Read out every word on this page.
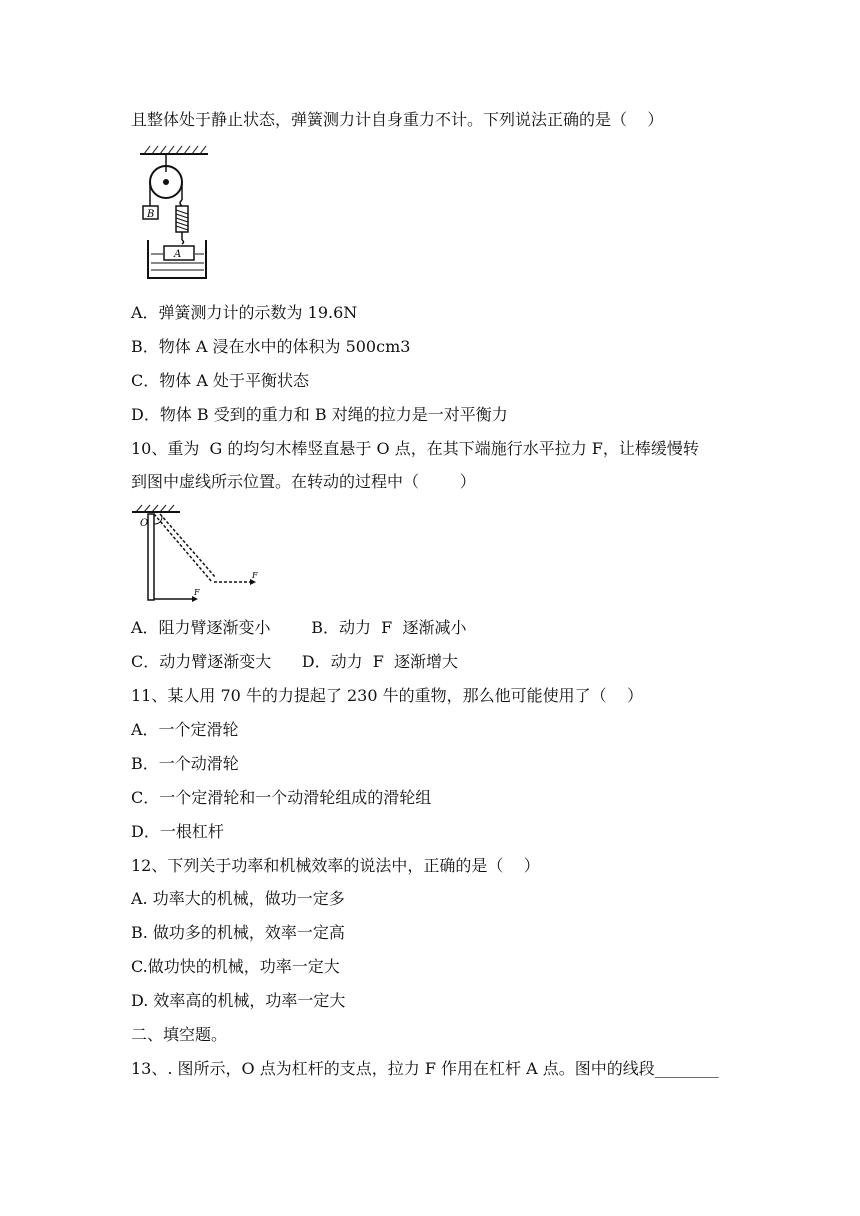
且整体处于静止状态，弹簧测力计自身重力不计。下列说法正确的是（    ）

B
A

A．弹簧测力计的示数为 19.6N

B．物体 A 浸在水中的体积为 500cm3

C．物体 A 处于平衡状态

D．物体 B 受到的重力和 B 对绳的拉力是一对平衡力

10、重为  G 的均匀木棒竖直悬于 O 点，在其下端施行水平拉力 F，让棒缓慢转

到图中虚线所示位置。在转动的过程中（        ）

O
F
F

A．阻力臂逐渐变小        B．动力  F  逐渐减小

C．动力臂逐渐变大      D．动力  F  逐渐增大

11、某人用 70 牛的力提起了 230 牛的重物，那么他可能使用了（    ）

A．一个定滑轮

B．一个动滑轮

C．一个定滑轮和一个动滑轮组成的滑轮组

D．一根杠杆

12、下列关于功率和机械效率的说法中，正确的是（    ）

A. 功率大的机械，做功一定多

B. 做功多的机械，效率一定高

C.做功快的机械，功率一定大

D. 效率高的机械，功率一定大

二、填空题。

13、. 图所示，O 点为杠杆的支点，拉力 F 作用在杠杆 A 点。图中的线段________
